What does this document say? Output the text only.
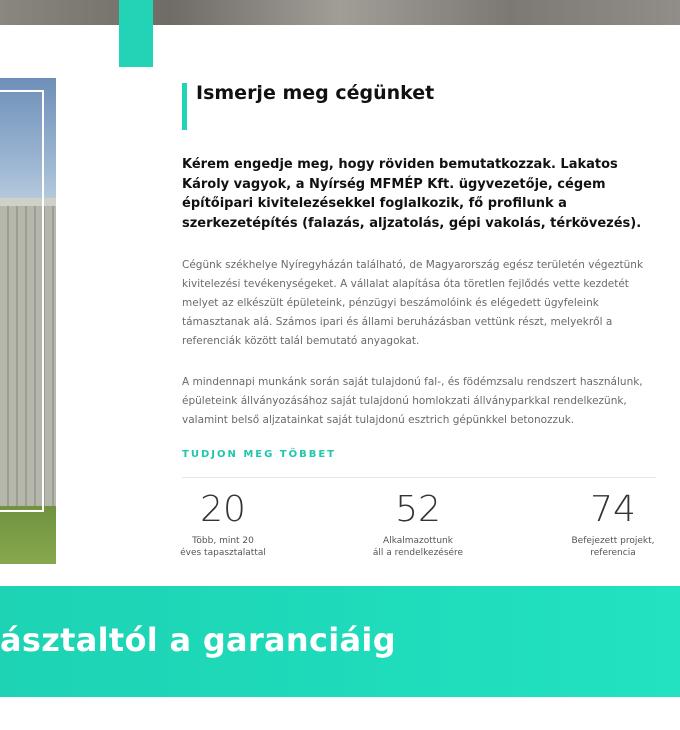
Ismerje meg cégünket

Kérem engedje meg, hogy röviden bemutatkozzak. Lakatos Károly vagyok, a Nyírség MFMÉP Kft. ügyvezetője, cégem építőipari kivitelezésekkel foglalkozik, fő profilunk a szerkezetépítés (falazás, aljzatolás, gépi vakolás, térkövezés).

Cégünk székhelye Nyíregyházán található, de Magyarország egész területén végeztünk kivitelezési tevékenységeket. A vállalat alapítása óta töretlen fejlődés vette kezdetét melyet az elkészült épületeink, pénzügyi beszámolóink és elégedett ügyfeleink támasztanak alá. Számos ipari és állami beruházásban vettünk részt, melyekről a referenciák között talál bemutató anyagokat.

A mindennapi munkánk során saját tulajdonú fal-, és födémzsalu rendszert használunk, épületeink állványozásához saját tulajdonú homlokzati állványparkkal rendelkezünk, valamint belső aljzatainkat saját tulajdonú esztrich gépünkkel betonozzuk.

TUDJON MEG TÖBBET
20
Több, mint 20
éves tapasztalattal
52
Alkalmazottunk
áll a rendelkezésére
74
Befejezett projekt,
referencia
ásztaltól a garanciáig
